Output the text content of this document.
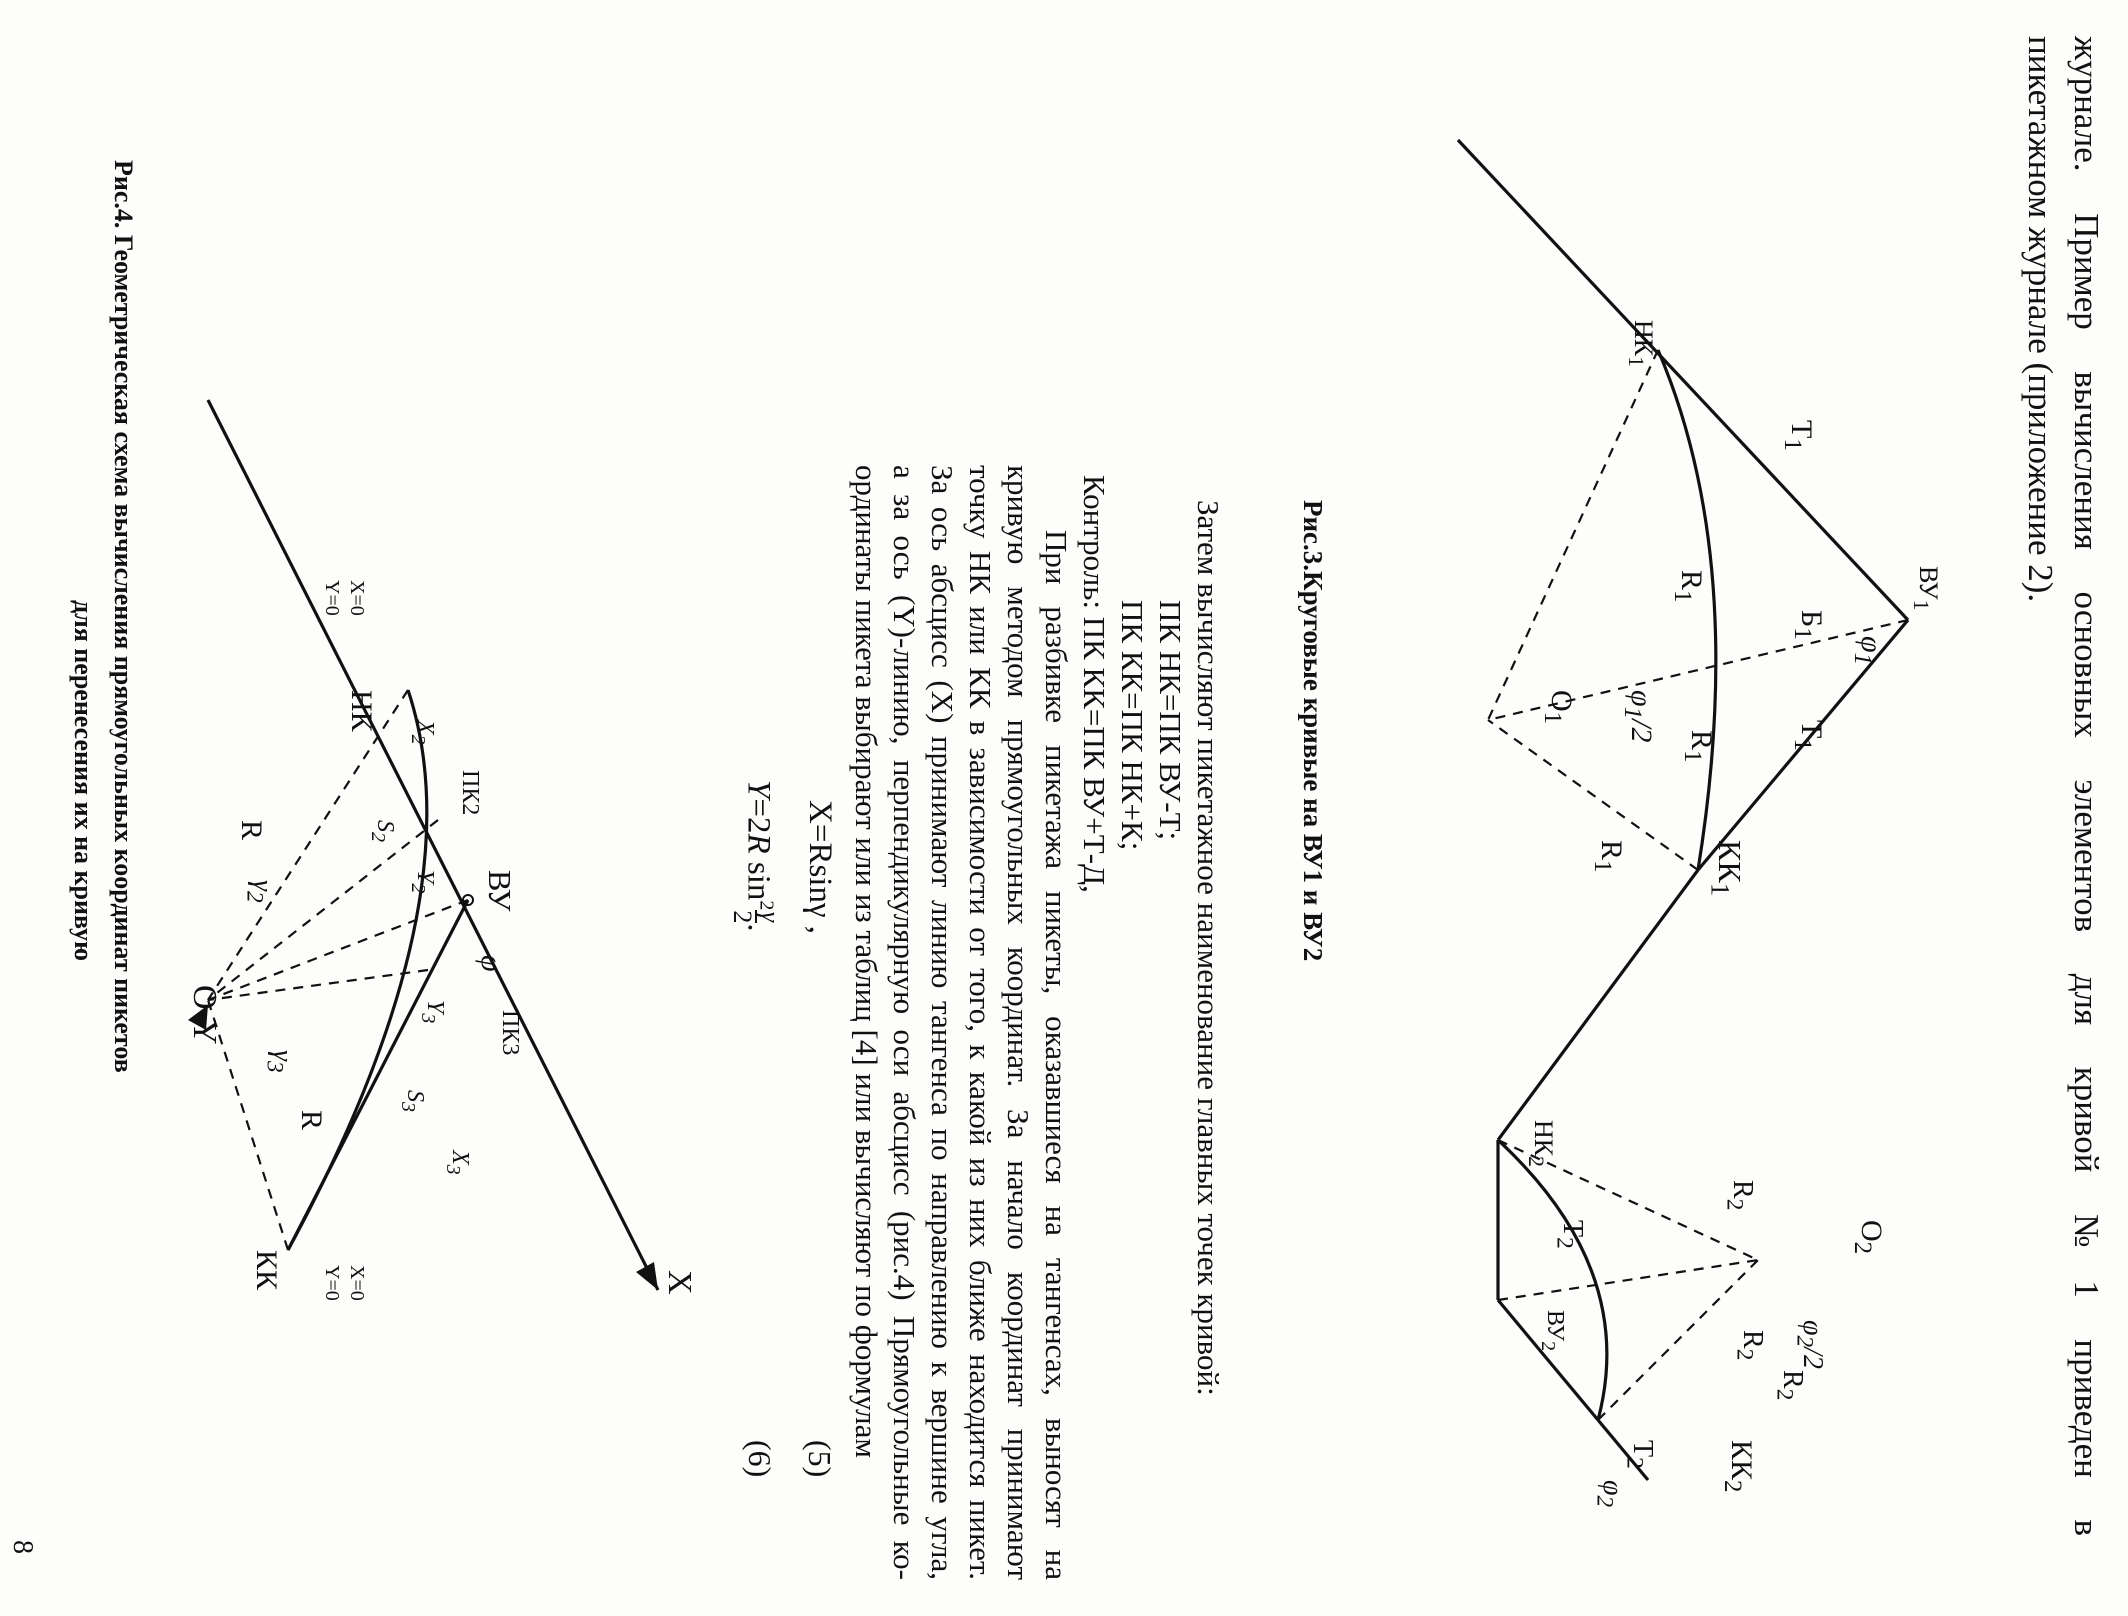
журнале. Пример вычисления основных элементов для кривой №1 приведен в
пикетажном журнале (приложение 2).
$ВУ_1$
$\varphi_1$
$Т_1$
$Т_1$
$Б_1$
$КК_1$
$НК_1$
$R_1$
$R_1$
$R_1$
$\varphi_1/2$
$О_1$
$О_2$
$\varphi_2/2$
$R_2$
$R_2$
$R_2$
$НК_2$
$КК_2$
$Т_2$
$Т_2$
$\varphi_2$
$ВУ_2$
Рис.3.Круговые кривые на ВУ1 и ВУ2
Затем вычисляют пикетажное наименование главных точек кривой:
ПК НК=ПК ВУ-Т;
ПК КК=ПК НК+К;
Контроль: ПК КК=ПК ВУ+Т-Д,
При разбивке пикетажа пикеты, оказавшиеся на тангенсах, выносят на
кривую методом прямоугольных координат. За начало координат принимают
точку НК или КК в зависимости от того, к какой из них ближе находится пикет.
За ось абсцисс (Х) принимают линию тангенса по направлению к вершине угла,
а за ось (Y)-линию, перпендикулярную оси абсцисс (рис.4) Прямоугольные ко-
ординаты пикета выбирают или из таблиц [4] или вычисляют по формулам
X=Rsinγ ,
(5)
Y=2R $\sin^2$
γ
2
.
(6)
X
Y
О
ВУ
φ
ПК3
ПК2
КК
НК
$X_3$
$Y_3$
$S_3$
$S_2$
$X_2$
$Y_2$
$\gamma_3$
$\gamma_2$
R
R
X=0
Y=0
X=0
Y=0
Рис.4. Геометрическая схема вычисления прямоугольных координат пикетов
для перенесения их на кривую
8
